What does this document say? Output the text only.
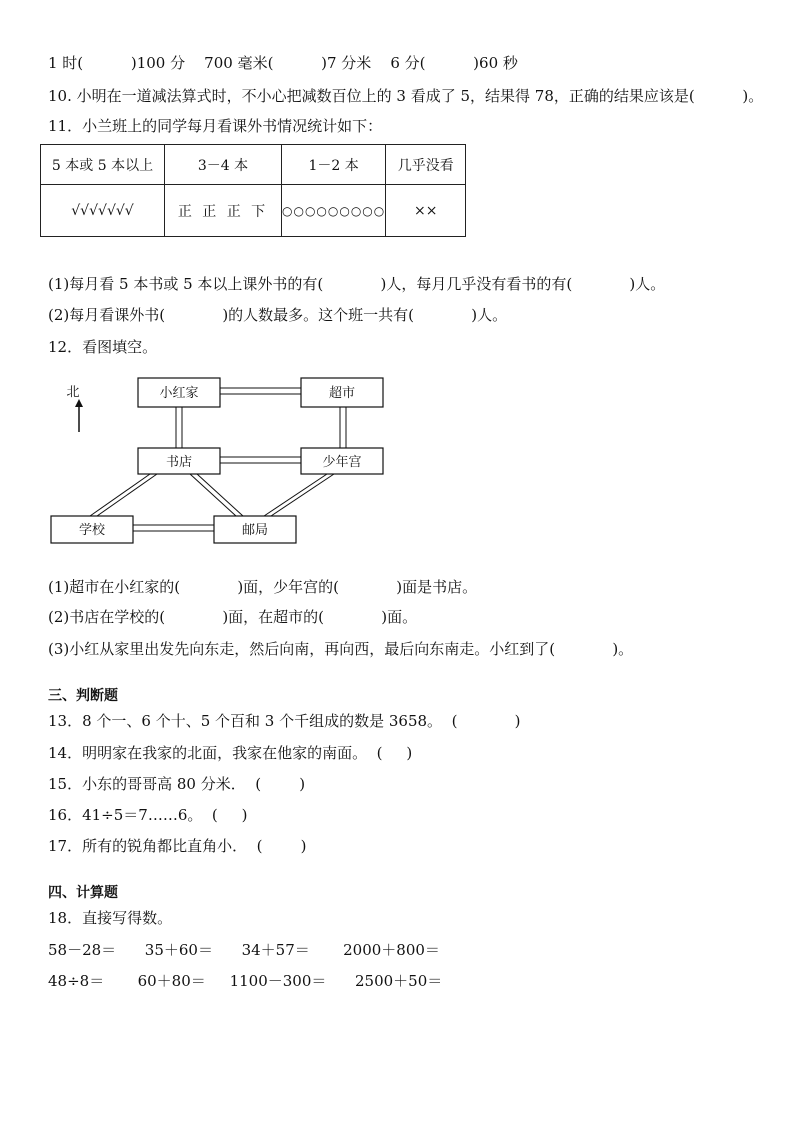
1 时(          )100 分    700 毫米(          )7 分米    6 分(          )60 秒
10. 小明在一道减法算式时，不小心把减数百位上的 3 看成了 5，结果得 78，正确的结果应该是(          )。
11．小兰班上的同学每月看课外书情况统计如下：
5 本或 5 本以上	3－4 本	1－2 本	几乎没看
√√√√√√√	正 正 正 下	○○○○○○○○○	××
(1)每月看 5 本书或 5 本以上课外书的有(            )人，每月几乎没有看书的有(            )人。
(2)每月看课外书(            )的人数最多。这个班一共有(            )人。
12．看图填空。
北	小红家	超市
书店	少年宫
学校	邮局
(1)超市在小红家的(            )面，少年宫的(            )面是书店。
(2)书店在学校的(            )面，在超市的(            )面。
(3)小红从家里出发先向东走，然后向南，再向西，最后向东南走。小红到了(            )。
三、判断题
13．8 个一、6 个十、5 个百和 3 个千组成的数是 3658。  (            )
14．明明家在我家的北面，我家在他家的南面。  (     )
15．小东的哥哥高 80 分米．  (        )
16．41÷5＝7……6。  (     )
17．所有的锐角都比直角小．  (        )
四、计算题
18．直接写得数。
58－28＝      35＋60＝      34＋57＝       2000＋800＝
48÷8＝       60＋80＝     1100－300＝      2500＋50＝
